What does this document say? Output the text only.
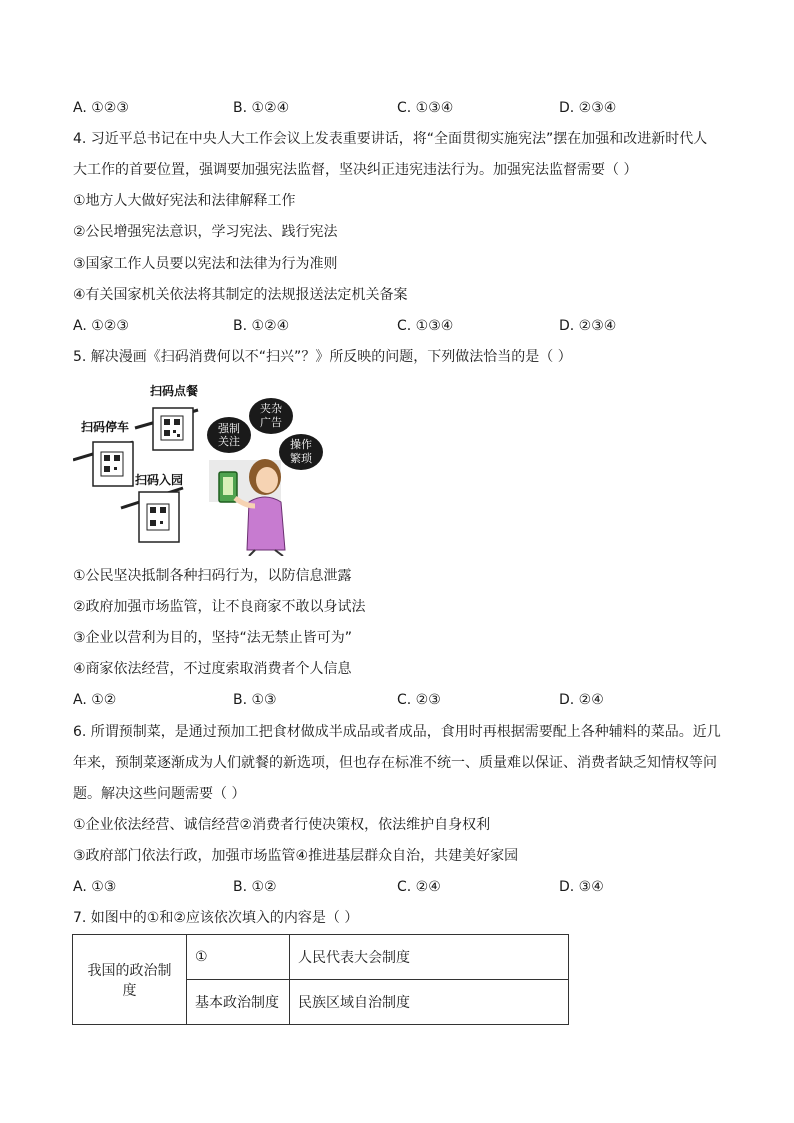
A. ①②③	B. ①②④	C. ①③④	D. ②③④
4. 习近平总书记在中央人大工作会议上发表重要讲话，将“全面贯彻实施宪法”摆在加强和改进新时代人
大工作的首要位置，强调要加强宪法监督，坚决纠正违宪违法行为。加强宪法监督需要（ ）
①地方人大做好宪法和法律解释工作
②公民增强宪法意识，学习宪法、践行宪法
③国家工作人员要以宪法和法律为行为准则
④有关国家机关依法将其制定的法规报送法定机关备案
A. ①②③	B. ①②④	C. ①③④	D. ②③④
5. 解决漫画《扫码消费何以不“扫兴”？》所反映的问题，下列做法恰当的是（ ）
扫码点餐
扫码停车
扫码入园
强制
关注
夹杂
广告
操作
繁琐
①公民坚决抵制各种扫码行为，以防信息泄露
②政府加强市场监管，让不良商家不敢以身试法
③企业以营利为目的，坚持“法无禁止皆可为”
④商家依法经营，不过度索取消费者个人信息
A. ①②	B. ①③	C. ②③	D. ②④
6. 所谓预制菜，是通过预加工把食材做成半成品或者成品，食用时再根据需要配上各种辅料的菜品。近几
年来，预制菜逐渐成为人们就餐的新选项，但也存在标准不统一、质量难以保证、消费者缺乏知情权等问
题。解决这些问题需要（ ）
①企业依法经营、诚信经营②消费者行使决策权，依法维护自身权利
③政府部门依法行政，加强市场监管④推进基层群众自治，共建美好家园
A. ①③	B. ①②	C. ②④	D. ③④
7. 如图中的①和②应该依次填入的内容是（ ）
我国的政治制度	①	人民代表大会制度
	基本政治制度	民族区域自治制度
